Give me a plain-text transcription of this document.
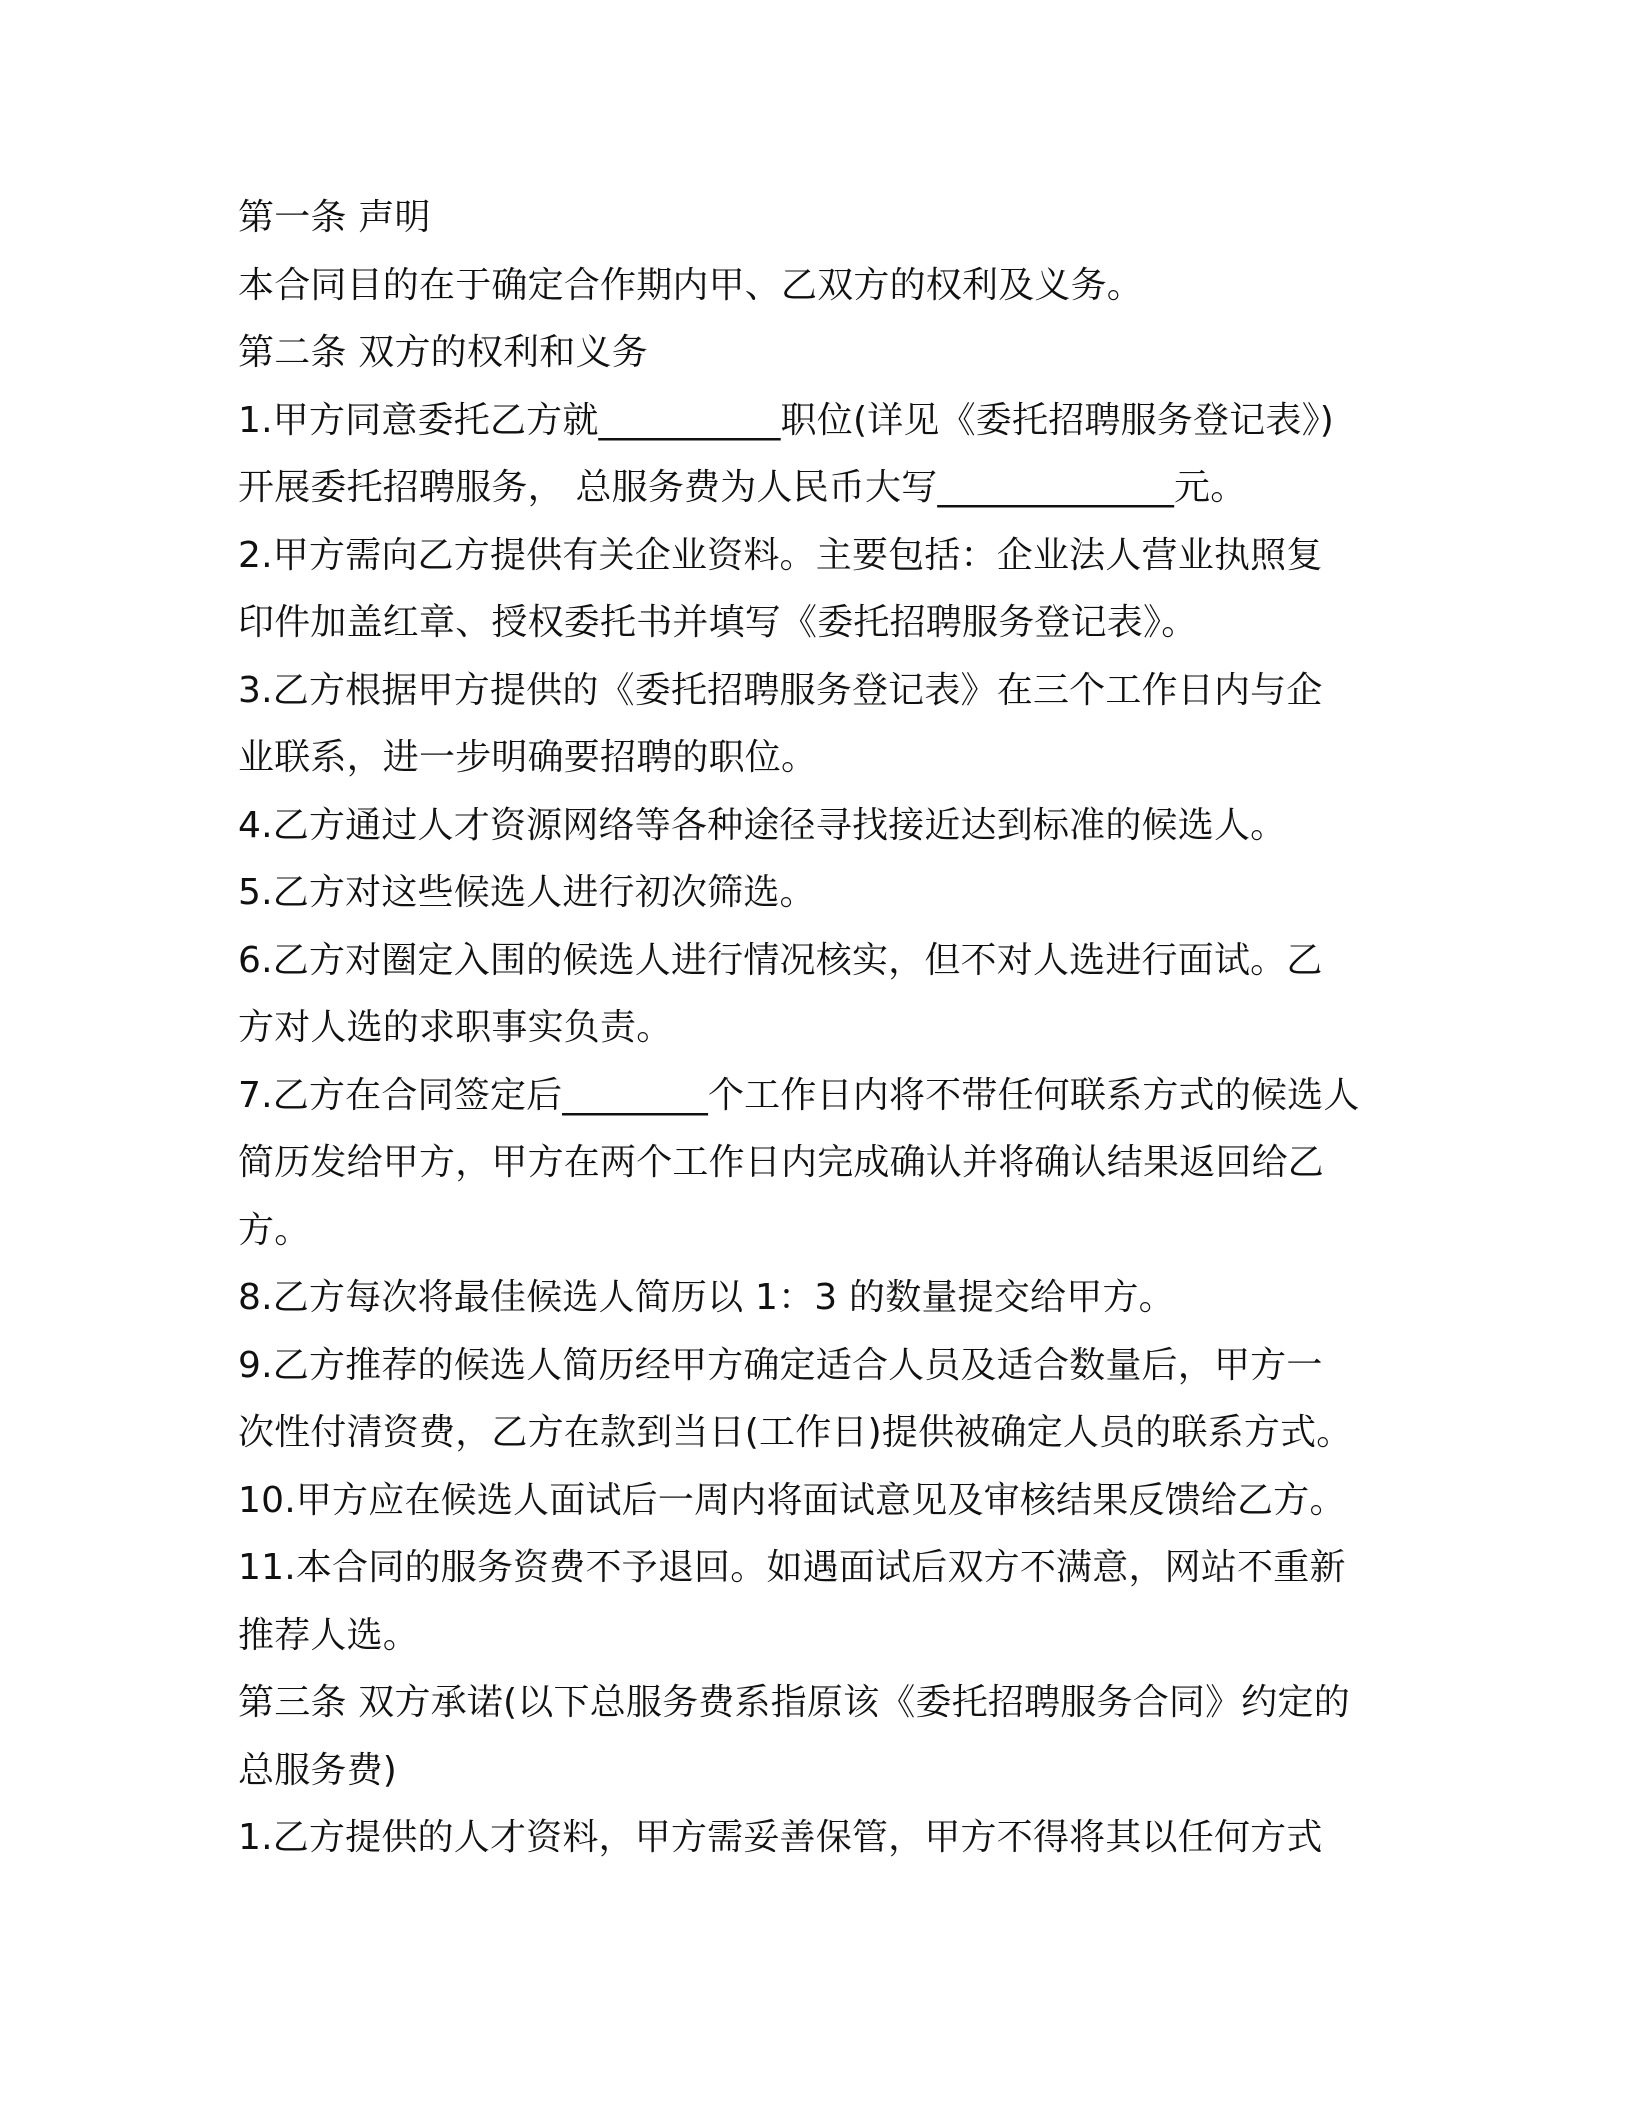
第一条 声明
本合同目的在于确定合作期内甲、乙双方的权利及义务。
第二条 双方的权利和义务
1.甲方同意委托乙方就__________职位(详见《委托招聘服务登记表》)
开展委托招聘服务， 总服务费为人民币大写_____________元。
2.甲方需向乙方提供有关企业资料。主要包括：企业法人营业执照复
印件加盖红章、授权委托书并填写《委托招聘服务登记表》。
3.乙方根据甲方提供的《委托招聘服务登记表》在三个工作日内与企
业联系，进一步明确要招聘的职位。
4.乙方通过人才资源网络等各种途径寻找接近达到标准的候选人。
5.乙方对这些候选人进行初次筛选。
6.乙方对圈定入围的候选人进行情况核实，但不对人选进行面试。乙
方对人选的求职事实负责。
7.乙方在合同签定后________个工作日内将不带任何联系方式的候选人
简历发给甲方，甲方在两个工作日内完成确认并将确认结果返回给乙
方。
8.乙方每次将最佳候选人简历以 1：3 的数量提交给甲方。
9.乙方推荐的候选人简历经甲方确定适合人员及适合数量后，甲方一
次性付清资费，乙方在款到当日(工作日)提供被确定人员的联系方式。
10.甲方应在候选人面试后一周内将面试意见及审核结果反馈给乙方。
11.本合同的服务资费不予退回。如遇面试后双方不满意，网站不重新
推荐人选。
第三条 双方承诺(以下总服务费系指原该《委托招聘服务合同》约定的
总服务费)
1.乙方提供的人才资料，甲方需妥善保管，甲方不得将其以任何方式
